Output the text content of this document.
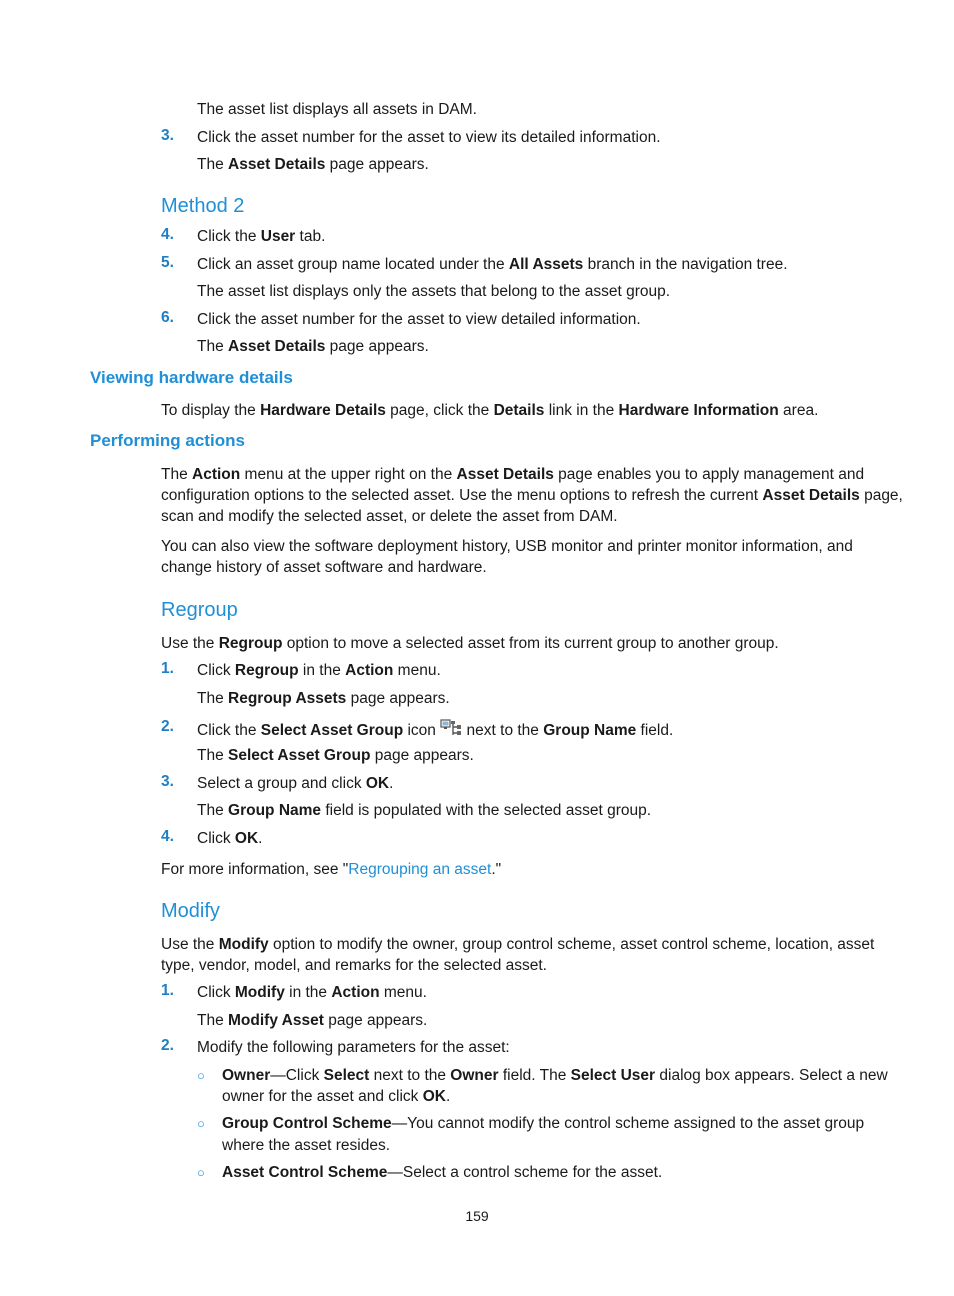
The asset list displays all assets in DAM.
3. Click the asset number for the asset to view its detailed information.
The Asset Details page appears.
Method 2
4. Click the User tab.
5. Click an asset group name located under the All Assets branch in the navigation tree.
The asset list displays only the assets that belong to the asset group.
6. Click the asset number for the asset to view detailed information.
The Asset Details page appears.
Viewing hardware details
To display the Hardware Details page, click the Details link in the Hardware Information area.
Performing actions
The Action menu at the upper right on the Asset Details page enables you to apply management and
configuration options to the selected asset. Use the menu options to refresh the current Asset Details page,
scan and modify the selected asset, or delete the asset from DAM.
You can also view the software deployment history, USB monitor and printer monitor information, and
change history of asset software and hardware.
Regroup
Use the Regroup option to move a selected asset from its current group to another group.
1. Click Regroup in the Action menu.
The Regroup Assets page appears.
2. Click the Select Asset Group icon  next to the Group Name field.
The Select Asset Group page appears.
3. Select a group and click OK.
The Group Name field is populated with the selected asset group.
4. Click OK.
For more information, see "Regrouping an asset."
Modify
Use the Modify option to modify the owner, group control scheme, asset control scheme, location, asset
type, vendor, model, and remarks for the selected asset.
1. Click Modify in the Action menu.
The Modify Asset page appears.
2. Modify the following parameters for the asset:
○ Owner—Click Select next to the Owner field. The Select User dialog box appears. Select a new
owner for the asset and click OK.
○ Group Control Scheme—You cannot modify the control scheme assigned to the asset group
where the asset resides.
○ Asset Control Scheme—Select a control scheme for the asset.
159
